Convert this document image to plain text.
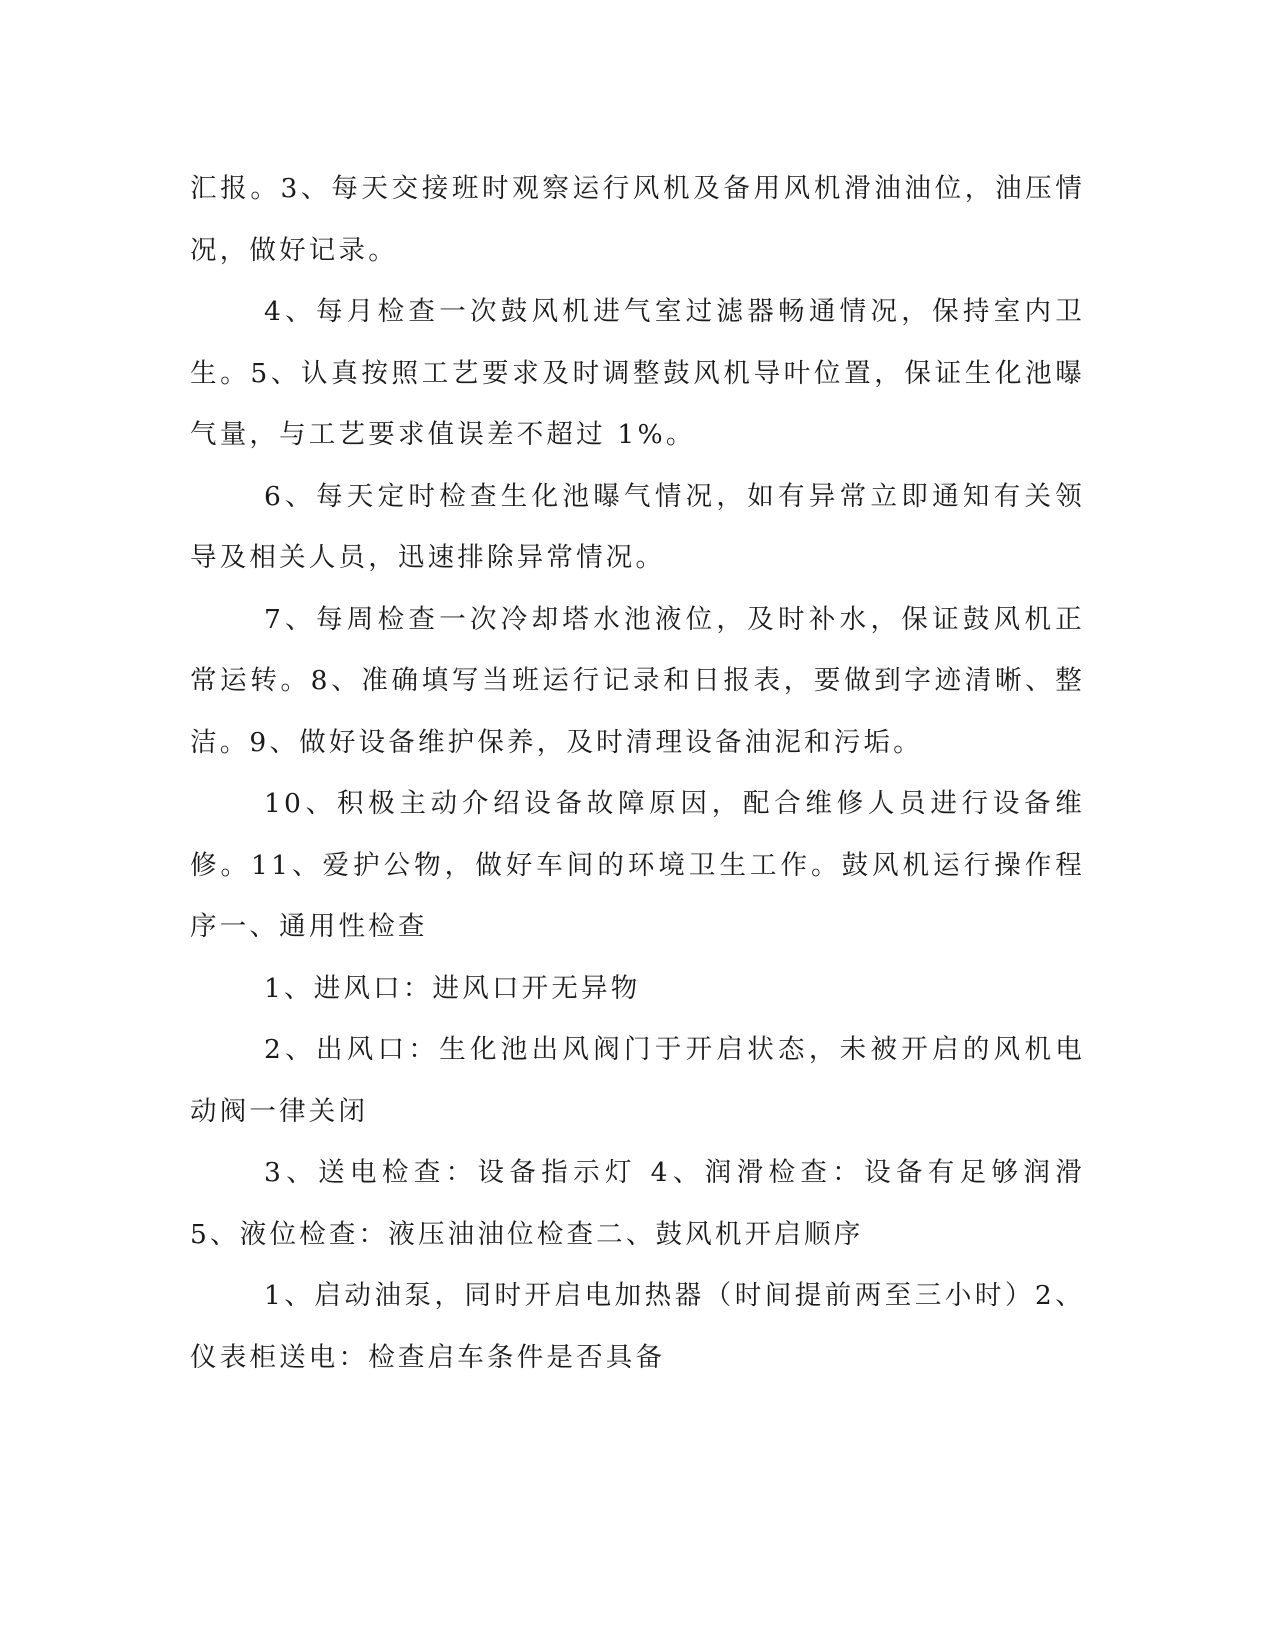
汇报。3、每天交接班时观察运行风机及备用风机滑油油位，油压情况，做好记录。

4、每月检查一次鼓风机进气室过滤器畅通情况，保持室内卫生。5、认真按照工艺要求及时调整鼓风机导叶位置，保证生化池曝气量，与工艺要求值误差不超过 1%。

6、每天定时检查生化池曝气情况，如有异常立即通知有关领导及相关人员，迅速排除异常情况。

7、每周检查一次冷却塔水池液位，及时补水，保证鼓风机正常运转。8、准确填写当班运行记录和日报表，要做到字迹清晰、整洁。9、做好设备维护保养，及时清理设备油泥和污垢。

10、积极主动介绍设备故障原因，配合维修人员进行设备维修。11、爱护公物，做好车间的环境卫生工作。鼓风机运行操作程序一、通用性检查

1、进风口：进风口开无异物

2、出风口：生化池出风阀门于开启状态，未被开启的风机电动阀一律关闭

3、送电检查：设备指示灯 4、润滑检查：设备有足够润滑 5、液位检查：液压油油位检查二、鼓风机开启顺序

1、启动油泵，同时开启电加热器（时间提前两至三小时）2、仪表柜送电：检查启车条件是否具备
